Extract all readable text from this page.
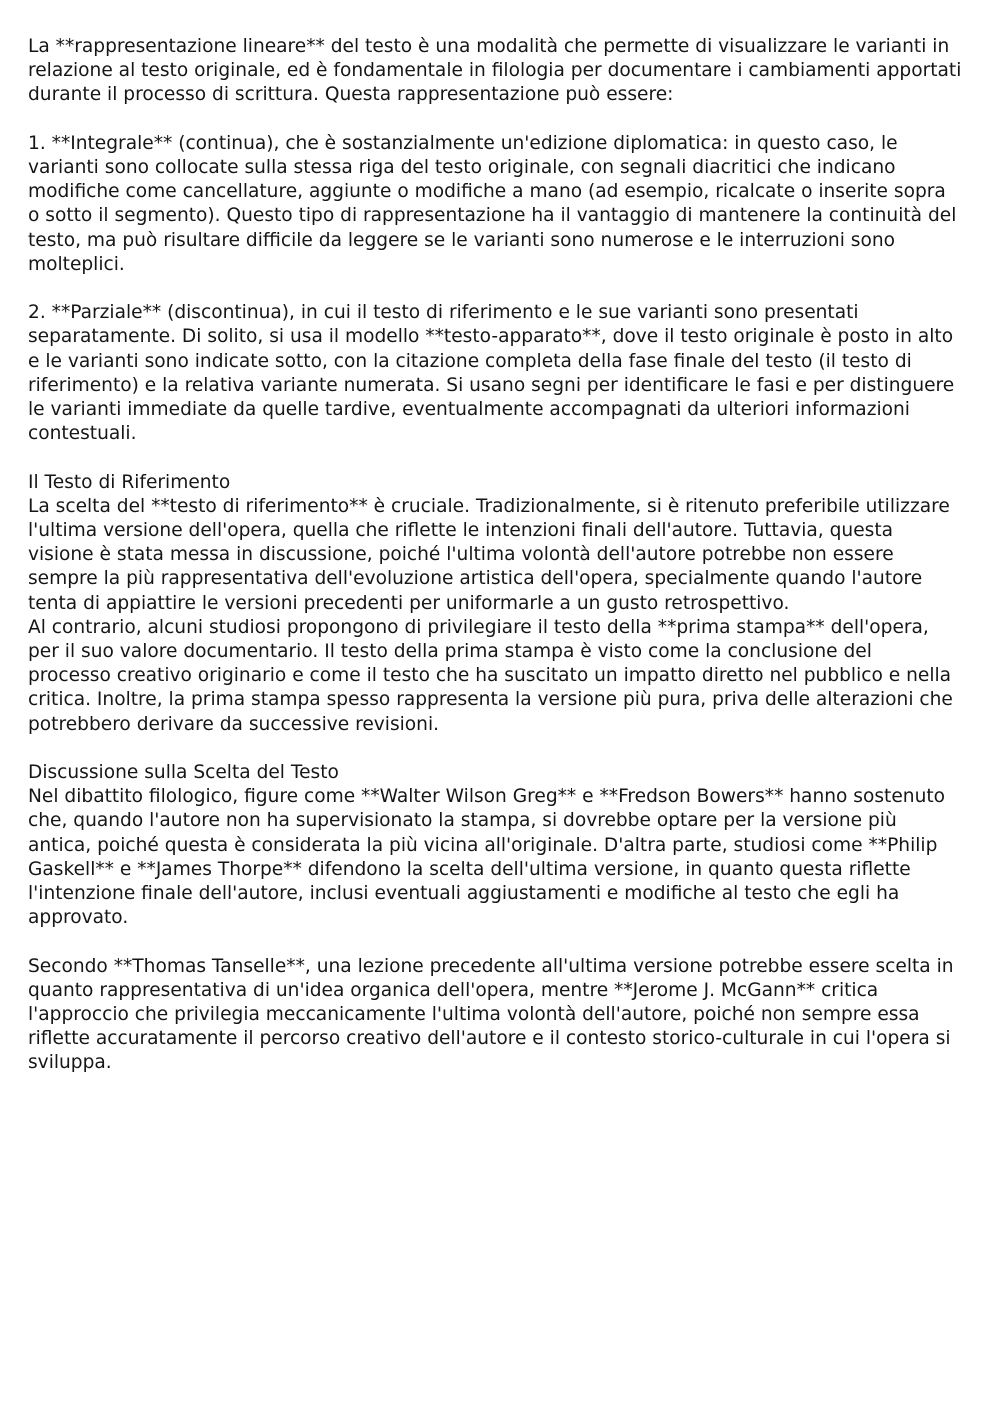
La **rappresentazione lineare** del testo è una modalità che permette di visualizzare le varianti in
relazione al testo originale, ed è fondamentale in filologia per documentare i cambiamenti apportati
durante il processo di scrittura. Questa rappresentazione può essere:

1. **Integrale** (continua), che è sostanzialmente un'edizione diplomatica: in questo caso, le
varianti sono collocate sulla stessa riga del testo originale, con segnali diacritici che indicano
modifiche come cancellature, aggiunte o modifiche a mano (ad esempio, ricalcate o inserite sopra
o sotto il segmento). Questo tipo di rappresentazione ha il vantaggio di mantenere la continuità del
testo, ma può risultare difficile da leggere se le varianti sono numerose e le interruzioni sono
molteplici.

2. **Parziale** (discontinua), in cui il testo di riferimento e le sue varianti sono presentati
separatamente. Di solito, si usa il modello **testo-apparato**, dove il testo originale è posto in alto
e le varianti sono indicate sotto, con la citazione completa della fase finale del testo (il testo di
riferimento) e la relativa variante numerata. Si usano segni per identificare le fasi e per distinguere
le varianti immediate da quelle tardive, eventualmente accompagnati da ulteriori informazioni
contestuali.

Il Testo di Riferimento
La scelta del **testo di riferimento** è cruciale. Tradizionalmente, si è ritenuto preferibile utilizzare
l'ultima versione dell'opera, quella che riflette le intenzioni finali dell'autore. Tuttavia, questa
visione è stata messa in discussione, poiché l'ultima volontà dell'autore potrebbe non essere
sempre la più rappresentativa dell'evoluzione artistica dell'opera, specialmente quando l'autore
tenta di appiattire le versioni precedenti per uniformarle a un gusto retrospettivo.
Al contrario, alcuni studiosi propongono di privilegiare il testo della **prima stampa** dell'opera,
per il suo valore documentario. Il testo della prima stampa è visto come la conclusione del
processo creativo originario e come il testo che ha suscitato un impatto diretto nel pubblico e nella
critica. Inoltre, la prima stampa spesso rappresenta la versione più pura, priva delle alterazioni che
potrebbero derivare da successive revisioni.
Discussione sulla Scelta del Testo
Nel dibattito filologico, figure come **Walter Wilson Greg** e **Fredson Bowers** hanno sostenuto
che, quando l'autore non ha supervisionato la stampa, si dovrebbe optare per la versione più
antica, poiché questa è considerata la più vicina all'originale. D'altra parte, studiosi come **Philip
Gaskell** e **James Thorpe** difendono la scelta dell'ultima versione, in quanto questa riflette
l'intenzione finale dell'autore, inclusi eventuali aggiustamenti e modifiche al testo che egli ha
approvato.

Secondo **Thomas Tanselle**, una lezione precedente all'ultima versione potrebbe essere scelta in
quanto rappresentativa di un'idea organica dell'opera, mentre **Jerome J. McGann** critica
l'approccio che privilegia meccanicamente l'ultima volontà dell'autore, poiché non sempre essa
riflette accuratamente il percorso creativo dell'autore e il contesto storico-culturale in cui l'opera si
sviluppa.
